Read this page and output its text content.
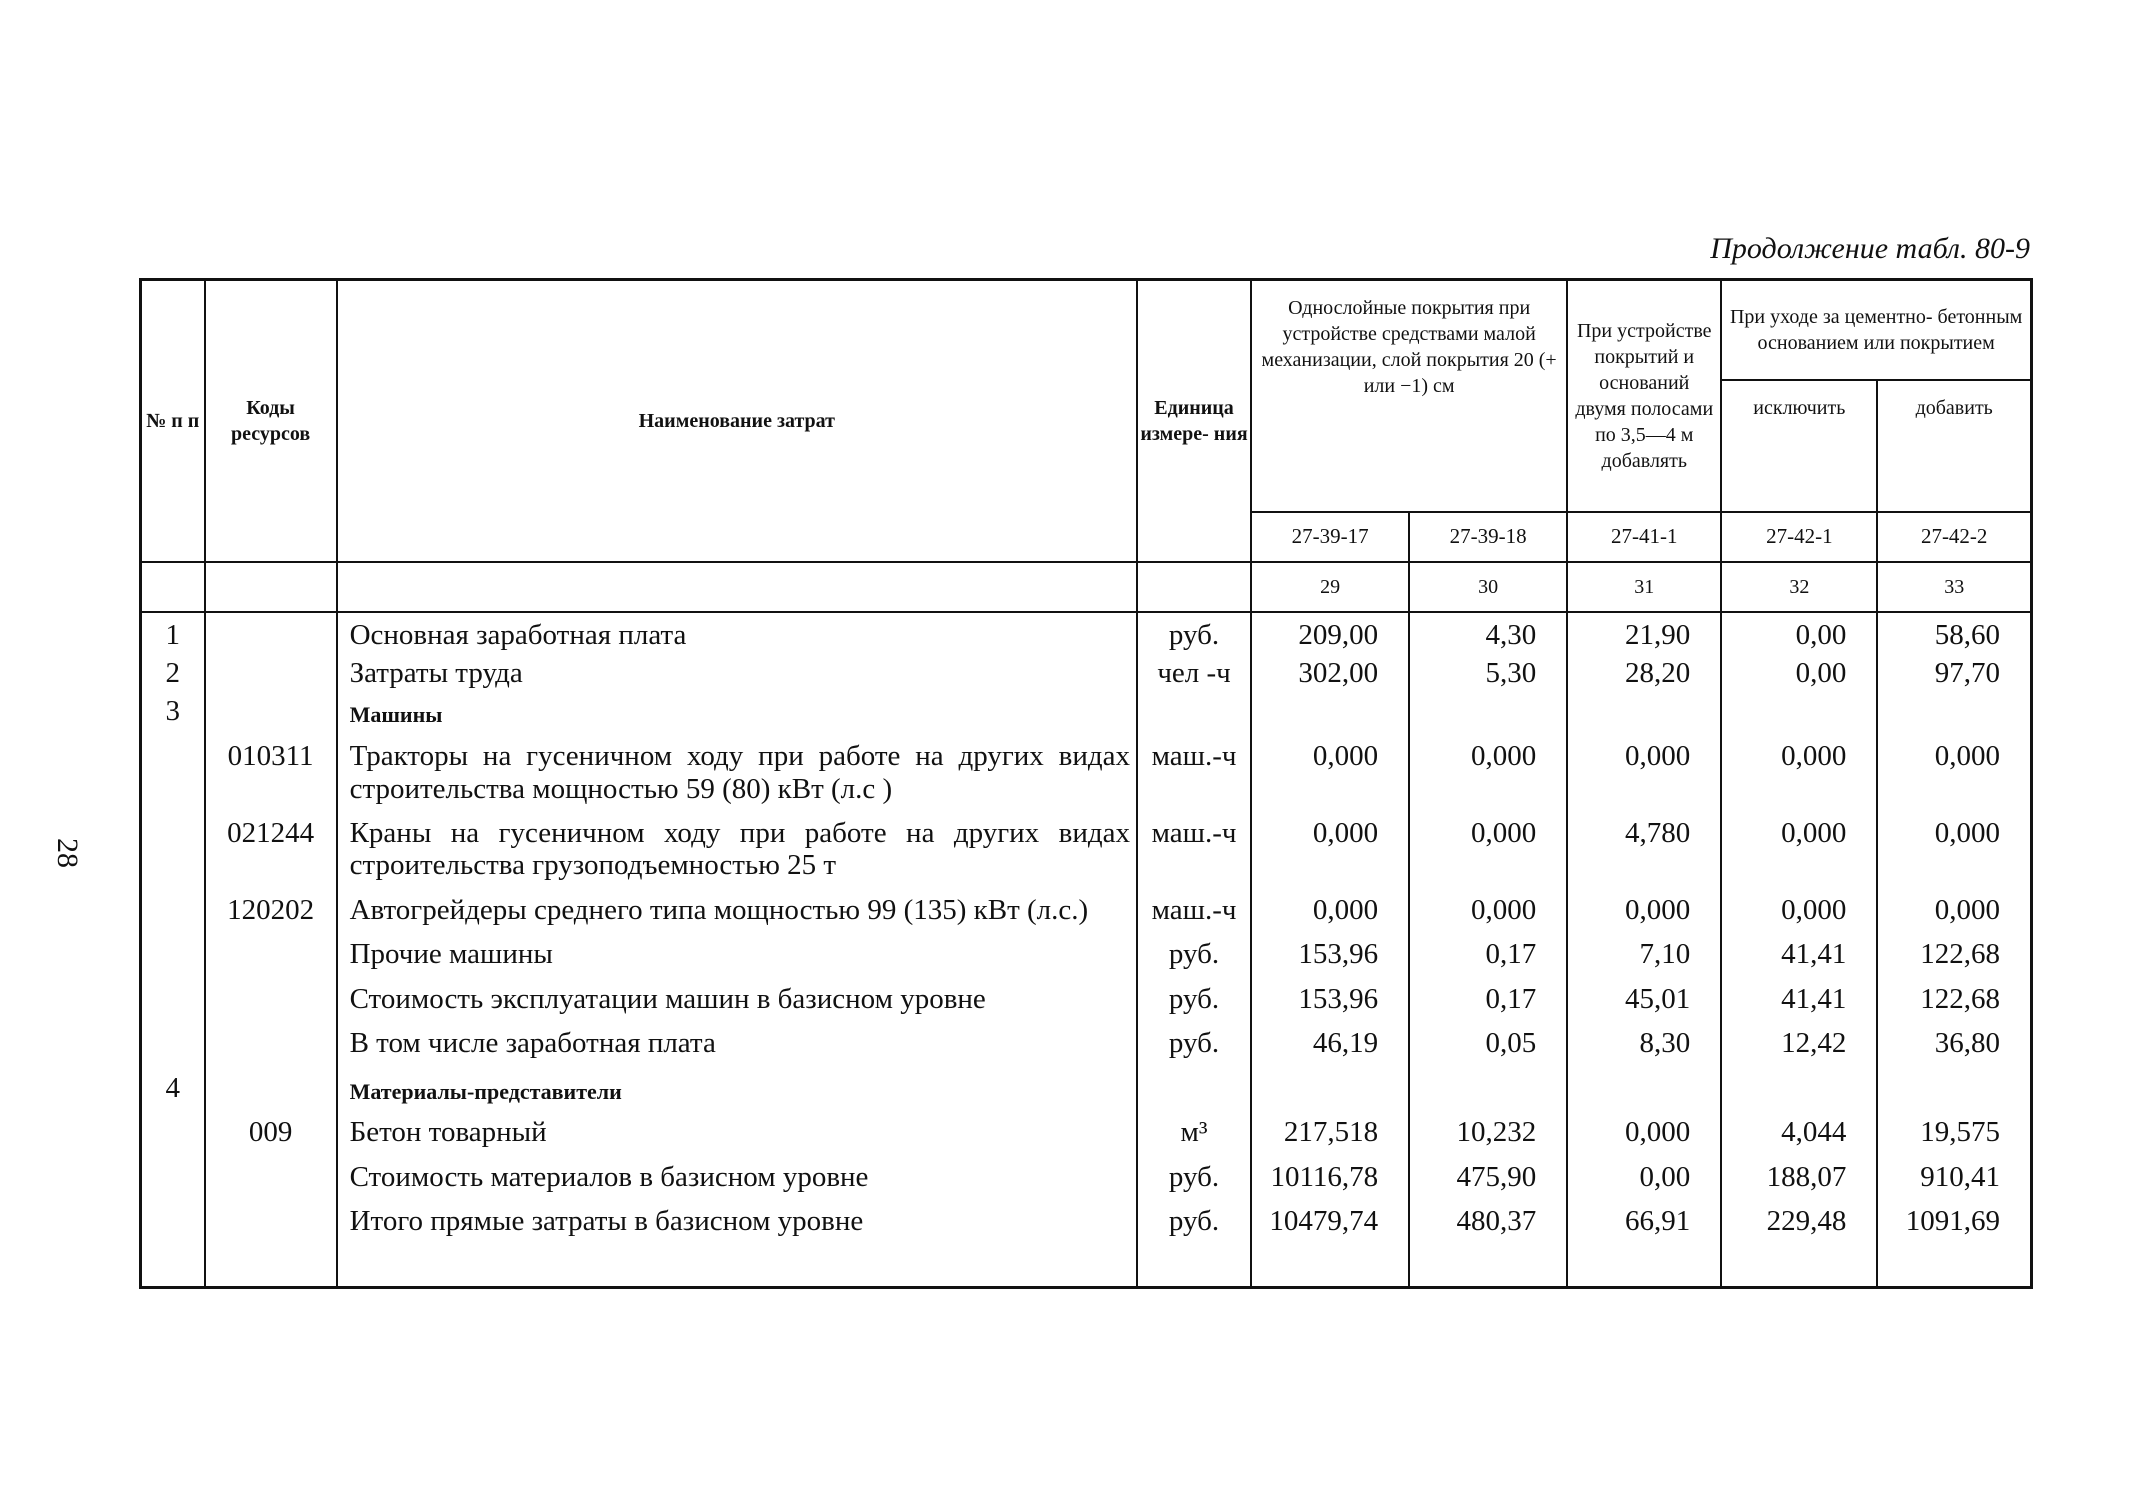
Продолжение табл. 80-9
28
№ п п	Коды ресурсов	Наименование затрат	Единица измере- ния	Однослойные покрытия при устройстве средствами малой механизации, слой покрытия 20 (+ или −1) см		При устройстве покрытий и оснований двумя полосами по 3,5—4 м добавлять	При уходе за цементно- бетонным основанием или покрытием	
							исключить	добавить
				27-39-17	27-39-18	27-41-1	27-42-1	27-42-2
				29	30	31	32	33
1		Основная заработная плата	руб.	209,00	4,30	21,90	0,00	58,60
2		Затраты труда	чел -ч	302,00	5,30	28,20	0,00	97,70
3		Машины						
	010311	Тракторы на гусеничном ходу при работе на других видах строительства мощностью 59 (80) кВт (л.с )	маш.-ч	0,000	0,000	0,000	0,000	0,000
	021244	Краны на гусеничном ходу при работе на других видах строительства грузоподъемностью 25 т	маш.-ч	0,000	0,000	4,780	0,000	0,000
	120202	Автогрейдеры среднего типа мощностью 99 (135) кВт (л.с.)	маш.-ч	0,000	0,000	0,000	0,000	0,000
		Прочие машины	руб.	153,96	0,17	7,10	41,41	122,68
		Стоимость эксплуатации машин в базисном уровне	руб.	153,96	0,17	45,01	41,41	122,68
		В том числе заработная плата	руб.	46,19	0,05	8,30	12,42	36,80
4		Материалы-представители						
	009	Бетон товарный	м³	217,518	10,232	0,000	4,044	19,575
		Стоимость материалов в базисном уровне	руб.	10116,78	475,90	0,00	188,07	910,41
		Итого прямые затраты в базисном уровне	руб.	10479,74	480,37	66,91	229,48	1091,69
